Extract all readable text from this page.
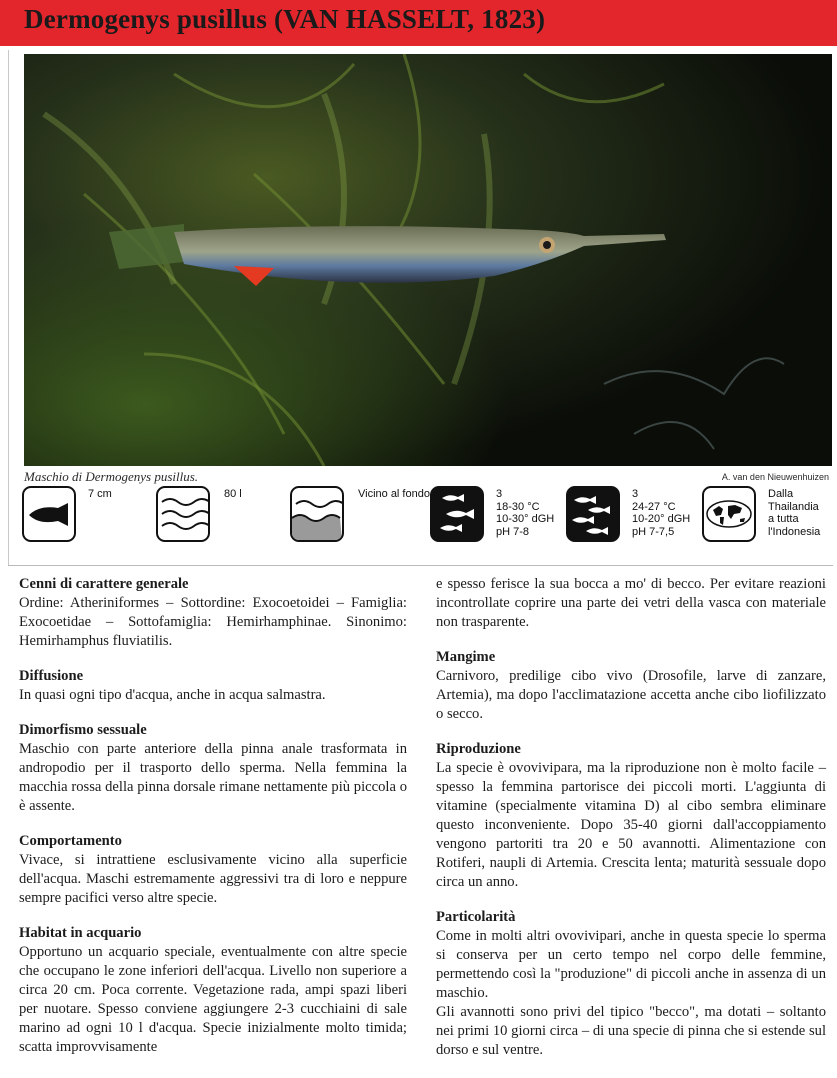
Dermogenys pusillus (VAN HASSELT, 1823)
Maschio di Dermogenys pusillus.	A. van den Nieuwenhuizen
7 cm	80 l	Vicino al fondo	3
18-30 °C
10-30° dGH
pH 7-8
3
24-27 °C
10-20° dGH
pH 7-7,5
Dalla
Thailandia
a tutta
l'Indonesia
Cenni di carattere generale

Ordine: Atheriniformes – Sottordine: Exocoetoidei – Famiglia: Exocoetidae – Sottofamiglia: Hemirhamphinae. Sinonimo: Hemirhamphus fluviatilis.

Diffusione

In quasi ogni tipo d'acqua, anche in acqua salmastra.

Dimorfismo sessuale

Maschio con parte anteriore della pinna anale trasformata in andropodio per il trasporto dello sperma. Nella femmina la macchia rossa della pinna dorsale rimane nettamente più piccola o è assente.

Comportamento

Vivace, si intrattiene esclusivamente vicino alla superficie dell'acqua. Maschi estremamente aggressivi tra di loro e neppure sempre pacifici verso altre specie.

Habitat in acquario

Opportuno un acquario speciale, eventualmente con altre specie che occupano le zone inferiori dell'acqua. Livello non superiore a circa 20 cm. Poca corrente. Vegetazione rada, ampi spazi liberi per nuotare. Spesso conviene aggiungere 2-3 cucchiaini di sale marino ad ogni 10 l d'acqua. Specie inizialmente molto timida; scatta improvvisamente

e spesso ferisce la sua bocca a mo' di becco. Per evitare reazioni incontrollate coprire una parte dei vetri della vasca con materiale non trasparente.

Mangime

Carnivoro, predilige cibo vivo (Drosofile, larve di zanzare, Artemia), ma dopo l'acclimatazione accetta anche cibo liofilizzato o secco.

Riproduzione

La specie è ovovivipara, ma la riproduzione non è molto facile – spesso la femmina partorisce dei piccoli morti. L'aggiunta di vitamine (specialmente vitamina D) al cibo sembra eliminare questo inconveniente. Dopo 35-40 giorni dall'accoppiamento vengono partoriti tra 20 e 50 avannotti. Alimentazione con Rotiferi, naupli di Artemia. Crescita lenta; maturità sessuale dopo circa un anno.

Particolarità

Come in molti altri ovovivipari, anche in questa specie lo sperma si conserva per un certo tempo nel corpo delle femmine, permettendo così la "produzione" di piccoli anche in assenza di un maschio.

Gli avannotti sono privi del tipico "becco", ma dotati – soltanto nei primi 10 giorni circa – di una specie di pinna che si estende sul dorso e sul ventre.
